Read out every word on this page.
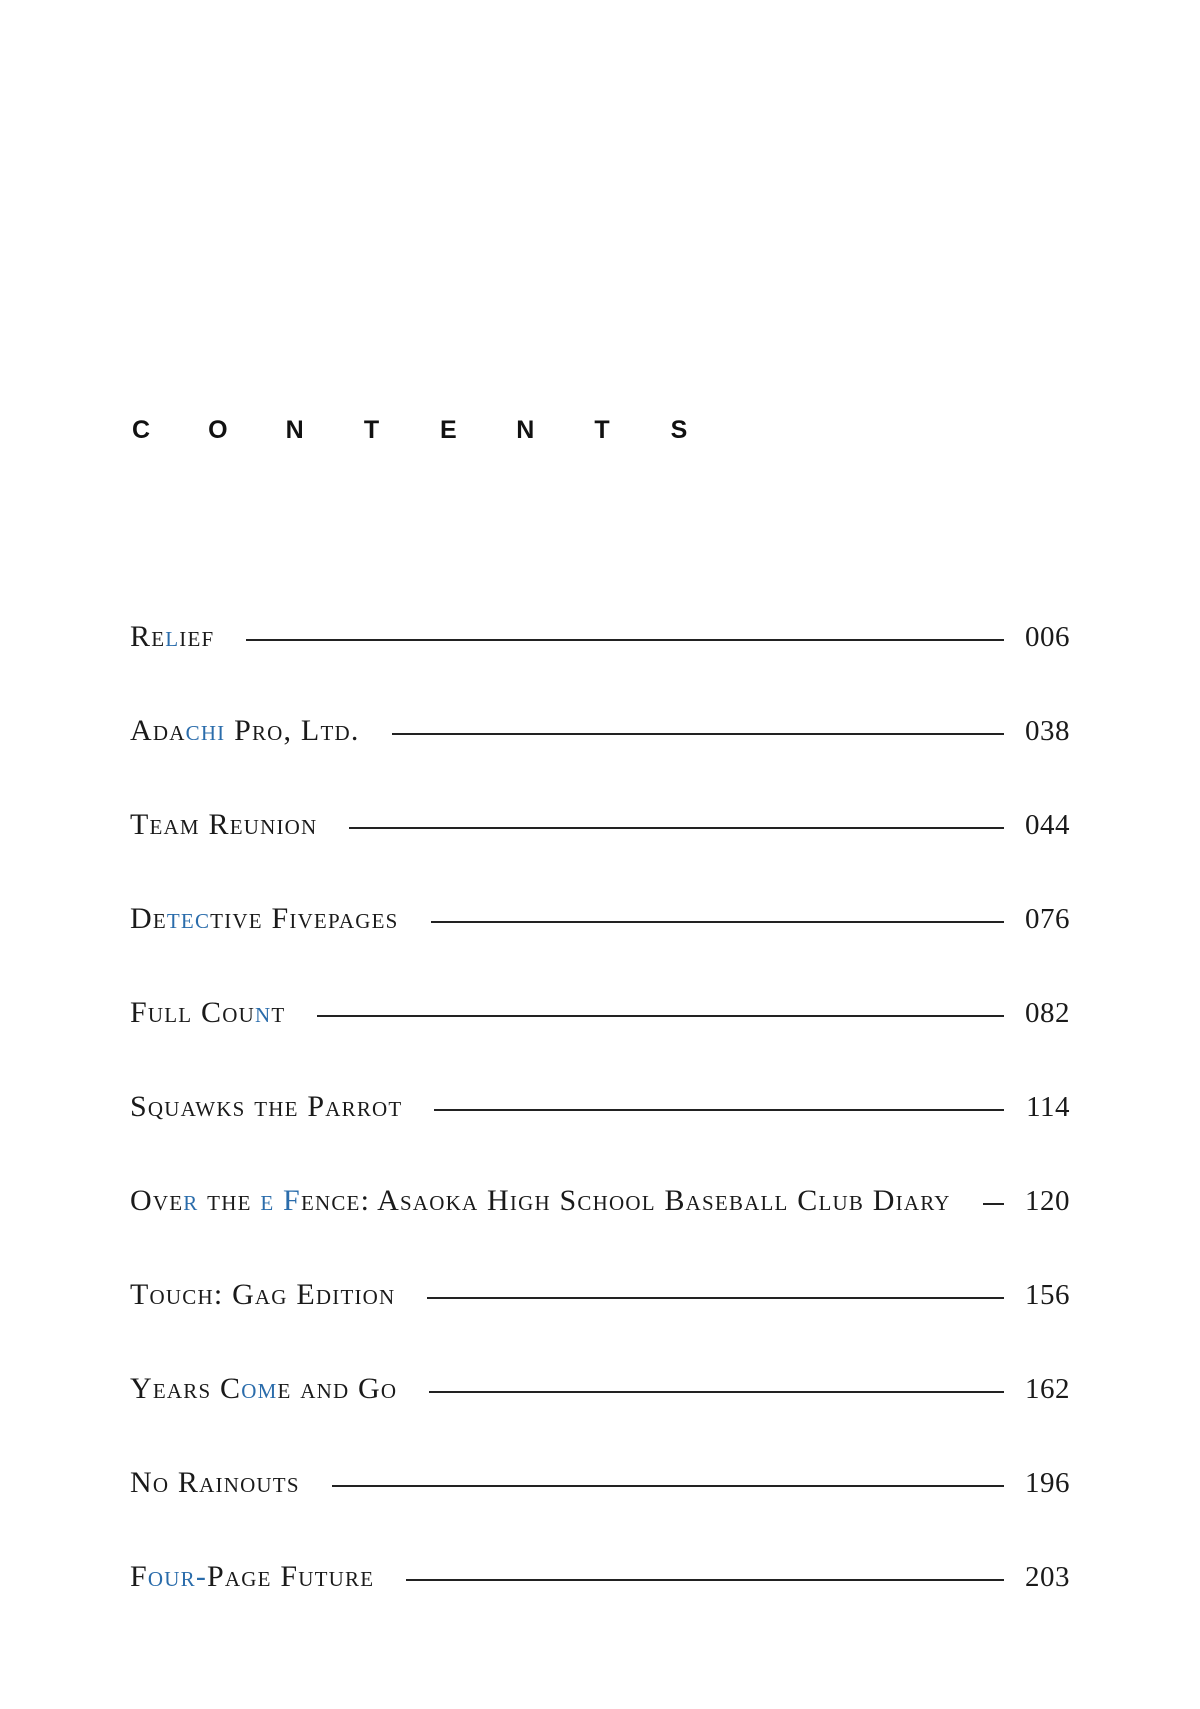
C O N T E N T S
Relief	006
Adachi Pro, Ltd.	038
Team Reunion	044
Detective Fivepages	076
Full Count	082
Squawks the Parrot	114
Over the e Fence: Asaoka High School Baseball Club Diary	120
Touch: Gag Edition	156
Years Come and Go	162
No Rainouts	196
Four-Page Future	203
